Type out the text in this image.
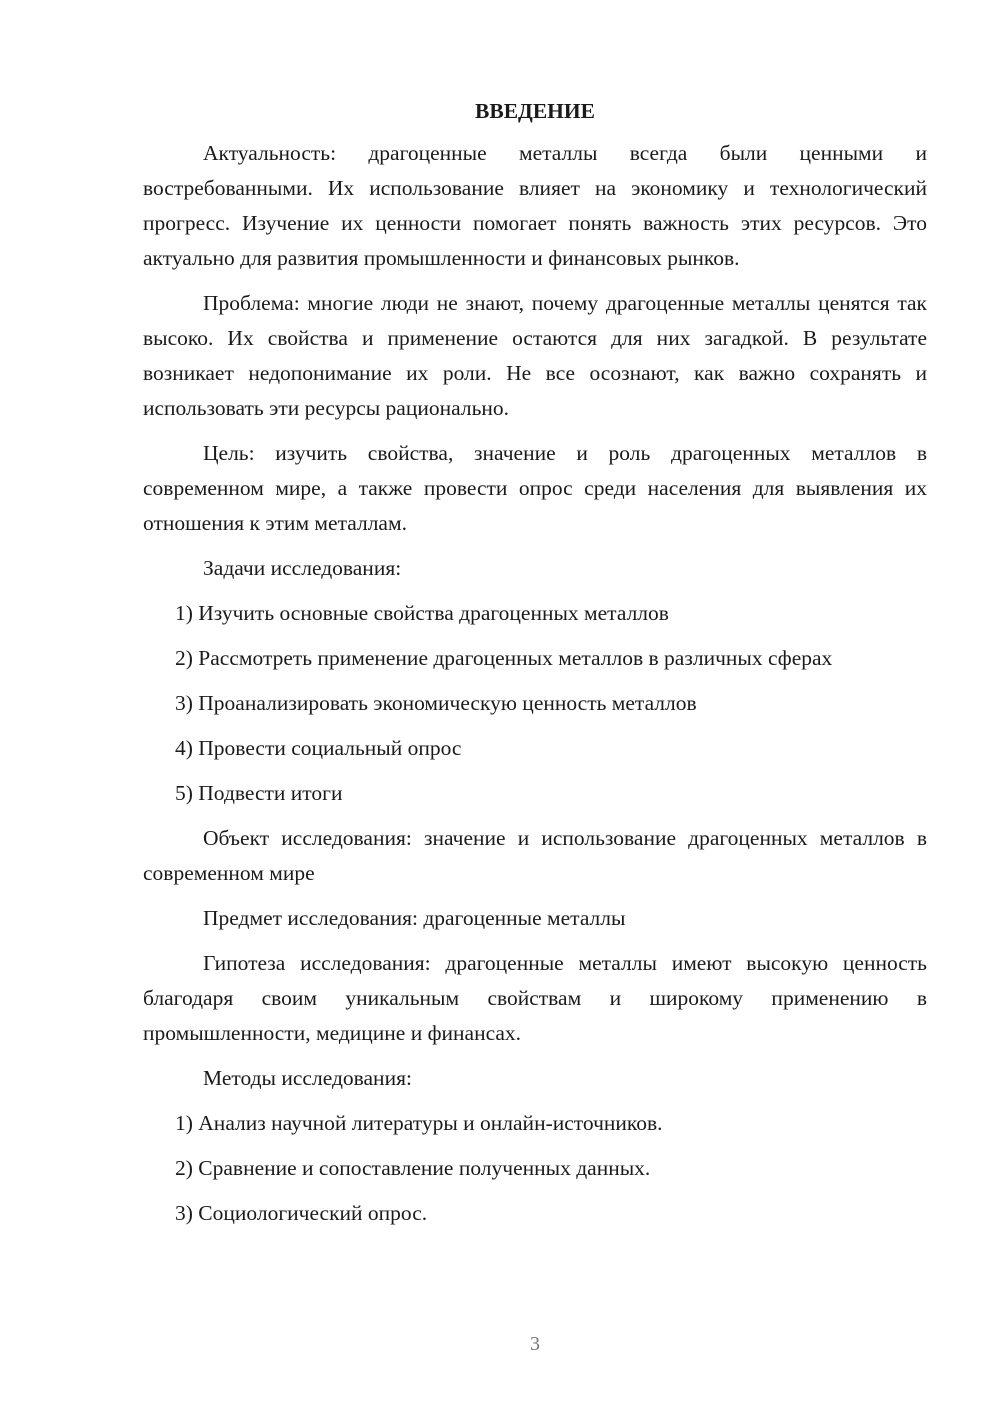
ВВЕДЕНИЕ

Актуальность: драгоценные металлы всегда были ценными и востребованными. Их использование влияет на экономику и технологический прогресс. Изучение их ценности помогает понять важность этих ресурсов. Это актуально для развития промышленности и финансовых рынков.

Проблема: многие люди не знают, почему драгоценные металлы ценятся так высоко. Их свойства и применение остаются для них загадкой. В результате возникает недопонимание их роли. Не все осознают, как важно сохранять и использовать эти ресурсы рационально.

Цель: изучить свойства, значение и роль драгоценных металлов в современном мире, а также провести опрос среди населения для выявления их отношения к этим металлам.

Задачи исследования:

1) Изучить основные свойства драгоценных металлов

2) Рассмотреть применение драгоценных металлов в различных сферах

3) Проанализировать экономическую ценность металлов

4) Провести социальный опрос

5) Подвести итоги

Объект исследования: значение и использование драгоценных металлов в современном мире

Предмет исследования: драгоценные металлы

Гипотеза исследования: драгоценные металлы имеют высокую ценность благодаря своим уникальным свойствам и широкому применению в промышленности, медицине и финансах.

Методы исследования:

1) Анализ научной литературы и онлайн-источников.

2) Сравнение и сопоставление полученных данных.

3) Социологический опрос.

3
